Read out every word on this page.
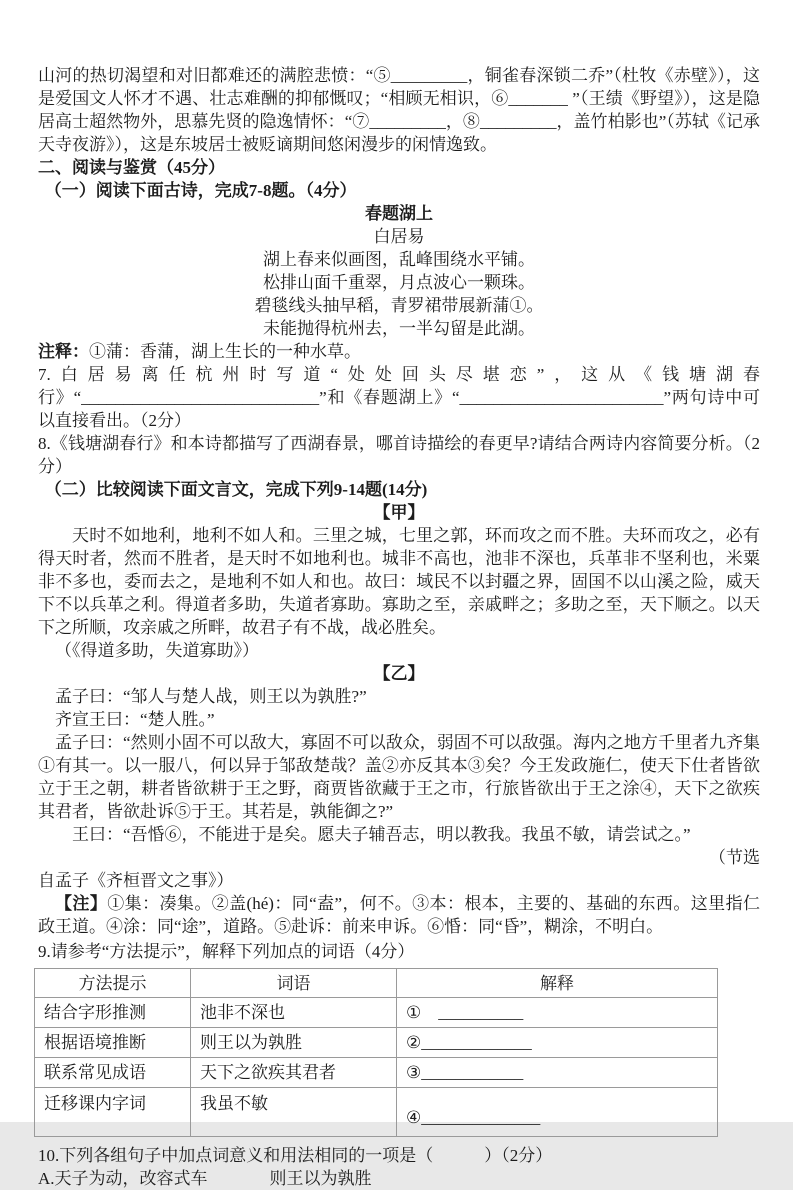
山河的热切渴望和对旧都难还的满腔悲愤：“⑤_________，铜雀春深锁二乔”（杜牧《赤壁》），这是爱国文人怀才不遇、壮志难酬的抑郁慨叹；“相顾无相识，⑥_______ ”（王绩《野望》），这是隐居高士超然物外，思慕先贤的隐逸情怀：“⑦_________，⑧_________，盖竹柏影也”（苏轼《记承天寺夜游》），这是东坡居士被贬谪期间悠闲漫步的闲情逸致。

二、阅读与鉴赏（45分）

（一）阅读下面古诗，完成7-8题。（4分）

春题湖上

白居易

湖上春来似画图，乱峰围绕水平铺。

松排山面千重翠，月点波心一颗珠。

碧毯线头抽早稻，青罗裙带展新蒲①。

未能抛得杭州去，一半勾留是此湖。

注释：①蒲：香蒲，湖上生长的一种水草。

7.白居易离任杭州时写道“处处回头尽堪恋”，这从《钱塘湖春行》“____________________________”和《春题湖上》“________________________”两句诗中可以直接看出。（2分）

8.《钱塘湖春行》和本诗都描写了西湖春景，哪首诗描绘的春更早?请结合两诗内容简要分析。（2分）

（二）比较阅读下面文言文，完成下列9-14题(14分)

【甲】

天时不如地利，地利不如人和。三里之城，七里之郭，环而攻之而不胜。夫环而攻之，必有得天时者，然而不胜者，是天时不如地利也。城非不高也，池非不深也，兵革非不坚利也，米粟非不多也，委而去之，是地利不如人和也。故曰：域民不以封疆之界，固国不以山溪之险，威天下不以兵革之利。得道者多助，失道者寡助。寡助之至，亲戚畔之；多助之至，天下顺之。以天下之所顺，攻亲戚之所畔，故君子有不战，战必胜矣。

（《得道多助，失道寡助》）

【乙】

孟子曰：“邹人与楚人战，则王以为孰胜?”

齐宣王曰：“楚人胜。”

孟子曰：“然则小固不可以敌大，寡固不可以敌众，弱固不可以敌强。海内之地方千里者九齐集①有其一。以一服八，何以异于邹敌楚哉？盖②亦反其本③矣？今王发政施仁，使天下仕者皆欲立于王之朝，耕者皆欲耕于王之野，商贾皆欲藏于王之市，行旅皆欲出于王之涂④，天下之欲疾其君者，皆欲赴诉⑤于王。其若是，孰能御之?”

王曰：“吾惛⑥，不能进于是矣。愿夫子辅吾志，明以教我。我虽不敏，请尝试之。”

（节选

自孟子《齐桓晋文之事》）

【注】①集：凑集。②盖(hé)：同“盍”，何不。③本：根本，主要的、基础的东西。这里指仁政王道。④涂：同“途”，道路。⑤赴诉：前来申诉。⑥惛：同“昏”，糊涂，不明白。

9.请参考“方法提示”，解释下列加点的词语（4分）

方法提示	词语	解释
结合字形推测	池非不深也	①　__________
根据语境推断	则王以为孰胜	②_____________
联系常见成语	天下之欲疾其君者	③____________
迁移课内字词	我虽不敏	④______________

10.下列各组句子中加点词意义和用法相同的一项是（　　　）（2分）

A.天子为动，改容式车	则王以为孰胜
